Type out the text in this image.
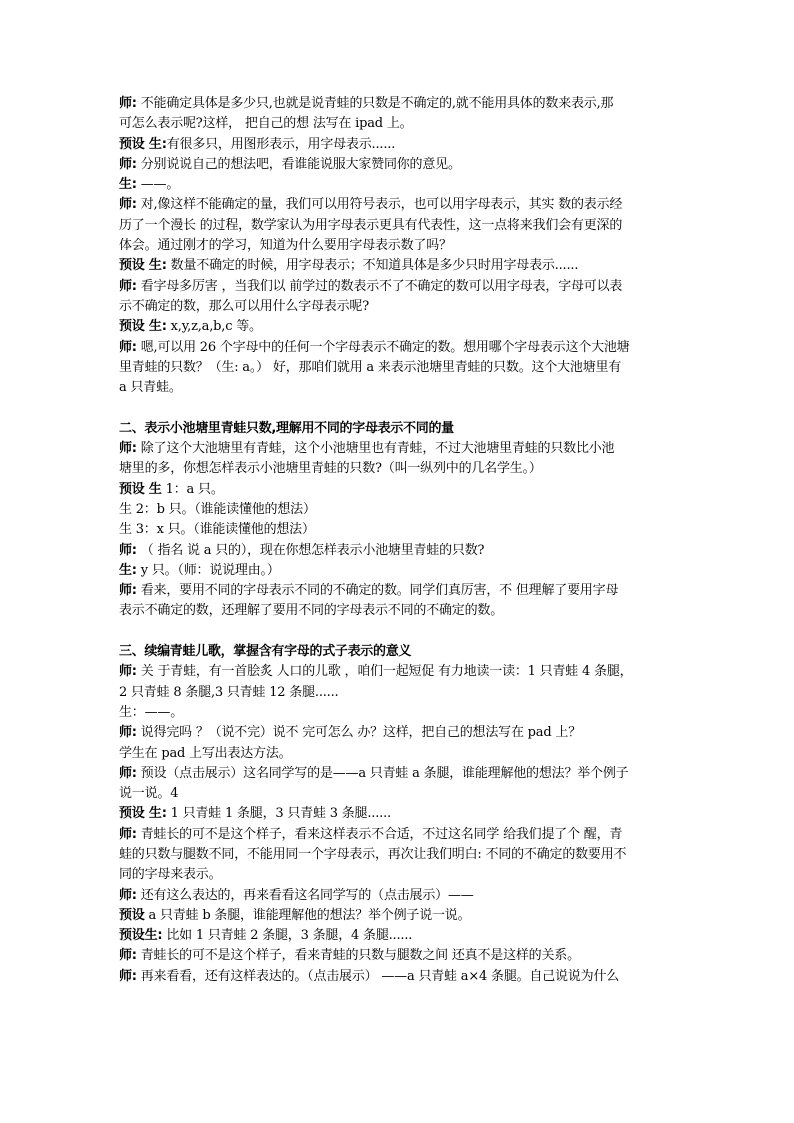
师: 不能确定具体是多少只,也就是说青蛙的只数是不确定的,就不能用具体的数来表示,那
可怎么表示呢?这样， 把自己的想 法写在 ipad 上。
预设 生:有很多只，用图形表示，用字母表示......
师: 分别说说自己的想法吧，看谁能说服大家赞同你的意见。
生: ——。
师: 对,像这样不能确定的量，我们可以用符号表示，也可以用字母表示，其实 数的表示经
历了一个漫长 的过程，数学家认为用字母表示更具有代表性，这一点将来我们会有更深的
体会。通过刚才的学习，知道为什么要用字母表示数了吗？
预设 生: 数量不确定的时候，用字母表示；不知道具体是多少只时用字母表示......
师: 看字母多厉害 ，当我们以 前学过的数表示不了不确定的数可以用字母表，字母可以表
示不确定的数，那么可以用什么字母表示呢?
预设 生: x,y,z,a,b,c 等。
师: 嗯,可以用 26 个字母中的任何一个字母表示不确定的数。想用哪个字母表示这个大池塘
里青蛙的只数？（生: a。） 好，那咱们就用 a 来表示池塘里青蛙的只数。这个大池塘里有
a 只青蛙。
二、表示小池塘里青蛙只数,理解用不同的字母表示不同的量
师: 除了这个大池塘里有青蛙，这个小池塘里也有青蛙，不过大池塘里青蛙的只数比小池
塘里的多，你想怎样表示小池塘里青蛙的只数?（叫一纵列中的几名学生。）
预设 生 1：a 只。
生 2：b 只。（谁能读懂他的想法）
生 3：x 只。（谁能读懂他的想法）
师: （ 指名 说 a 只的），现在你想怎样表示小池塘里青蛙的只数?
生: y 只。（师：说说理由。）
师: 看来，要用不同的字母表示不同的不确定的数。同学们真厉害，不 但理解了要用字母
表示不确定的数，还理解了要用不同的字母表示不同的不确定的数。
三、续编青蛙儿歌，掌握含有字母的式子表示的意义
师: 关 于青蛙，有一首脍炙 人口的儿歌 ，咱们一起短促 有力地读一读：1 只青蛙 4 条腿，
2 只青蛙 8 条腿,3 只青蛙 12 条腿......
生：——。
师: 说得完吗 ？（说不完）说不 完可怎么 办？这样，把自己的想法写在 pad 上？
学生在 pad 上写出表达方法。
师: 预设（点击展示）这名同学写的是——a 只青蛙 a 条腿，谁能理解他的想法？举个例子
说一说。4
预设 生: 1 只青蛙 1 条腿，3 只青蛙 3 条腿......
师: 青蛙长的可不是这个样子，看来这样表示不合适，不过这名同学 给我们提了个 醒，青
蛙的只数与腿数不同，不能用同一个字母表示，再次让我们明白: 不同的不确定的数要用不
同的字母来表示。
师: 还有这么表达的，再来看看这名同学写的（点击展示）——
预设 a 只青蛙 b 条腿，谁能理解他的想法？举个例子说一说。
预设生: 比如 1 只青蛙 2 条腿，3 条腿，4 条腿......
师: 青蛙长的可不是这个样子，看来青蛙的只数与腿数之间 还真不是这样的关系。
师: 再来看看，还有这样表达的。（点击展示） ——a 只青蛙 a×4 条腿。自己说说为什么
